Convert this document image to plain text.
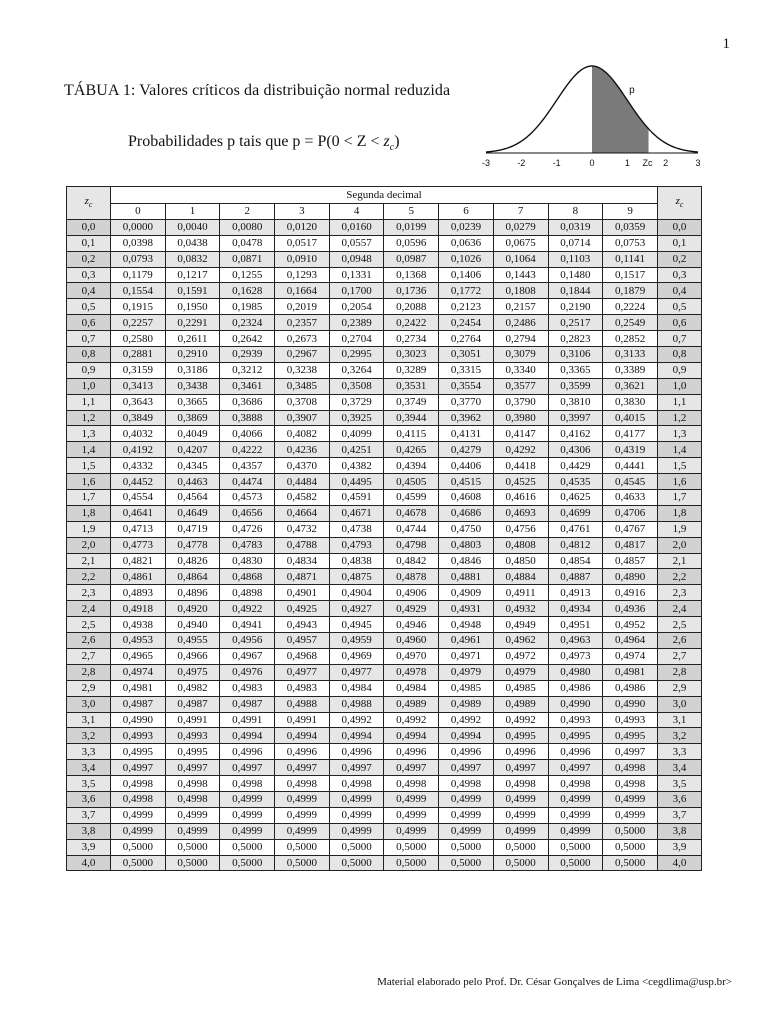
1
TÁBUA 1: Valores críticos da distribuição normal reduzida
Probabilidades p tais que $p = P(0 < Z < z_c)$
-3	-2	-1	0	1	2	3
Zc
p
$z_c$	Segunda decimal										$z_c$
	0	1	2	3	4	5	6	7	8	9	
0,0	0,0000	0,0040	0,0080	0,0120	0,0160	0,0199	0,0239	0,0279	0,0319	0,0359	0,0
0,1	0,0398	0,0438	0,0478	0,0517	0,0557	0,0596	0,0636	0,0675	0,0714	0,0753	0,1
0,2	0,0793	0,0832	0,0871	0,0910	0,0948	0,0987	0,1026	0,1064	0,1103	0,1141	0,2
0,3	0,1179	0,1217	0,1255	0,1293	0,1331	0,1368	0,1406	0,1443	0,1480	0,1517	0,3
0,4	0,1554	0,1591	0,1628	0,1664	0,1700	0,1736	0,1772	0,1808	0,1844	0,1879	0,4
0,5	0,1915	0,1950	0,1985	0,2019	0,2054	0,2088	0,2123	0,2157	0,2190	0,2224	0,5
0,6	0,2257	0,2291	0,2324	0,2357	0,2389	0,2422	0,2454	0,2486	0,2517	0,2549	0,6
0,7	0,2580	0,2611	0,2642	0,2673	0,2704	0,2734	0,2764	0,2794	0,2823	0,2852	0,7
0,8	0,2881	0,2910	0,2939	0,2967	0,2995	0,3023	0,3051	0,3079	0,3106	0,3133	0,8
0,9	0,3159	0,3186	0,3212	0,3238	0,3264	0,3289	0,3315	0,3340	0,3365	0,3389	0,9
1,0	0,3413	0,3438	0,3461	0,3485	0,3508	0,3531	0,3554	0,3577	0,3599	0,3621	1,0
1,1	0,3643	0,3665	0,3686	0,3708	0,3729	0,3749	0,3770	0,3790	0,3810	0,3830	1,1
1,2	0,3849	0,3869	0,3888	0,3907	0,3925	0,3944	0,3962	0,3980	0,3997	0,4015	1,2
1,3	0,4032	0,4049	0,4066	0,4082	0,4099	0,4115	0,4131	0,4147	0,4162	0,4177	1,3
1,4	0,4192	0,4207	0,4222	0,4236	0,4251	0,4265	0,4279	0,4292	0,4306	0,4319	1,4
1,5	0,4332	0,4345	0,4357	0,4370	0,4382	0,4394	0,4406	0,4418	0,4429	0,4441	1,5
1,6	0,4452	0,4463	0,4474	0,4484	0,4495	0,4505	0,4515	0,4525	0,4535	0,4545	1,6
1,7	0,4554	0,4564	0,4573	0,4582	0,4591	0,4599	0,4608	0,4616	0,4625	0,4633	1,7
1,8	0,4641	0,4649	0,4656	0,4664	0,4671	0,4678	0,4686	0,4693	0,4699	0,4706	1,8
1,9	0,4713	0,4719	0,4726	0,4732	0,4738	0,4744	0,4750	0,4756	0,4761	0,4767	1,9
2,0	0,4773	0,4778	0,4783	0,4788	0,4793	0,4798	0,4803	0,4808	0,4812	0,4817	2,0
2,1	0,4821	0,4826	0,4830	0,4834	0,4838	0,4842	0,4846	0,4850	0,4854	0,4857	2,1
2,2	0,4861	0,4864	0,4868	0,4871	0,4875	0,4878	0,4881	0,4884	0,4887	0,4890	2,2
2,3	0,4893	0,4896	0,4898	0,4901	0,4904	0,4906	0,4909	0,4911	0,4913	0,4916	2,3
2,4	0,4918	0,4920	0,4922	0,4925	0,4927	0,4929	0,4931	0,4932	0,4934	0,4936	2,4
2,5	0,4938	0,4940	0,4941	0,4943	0,4945	0,4946	0,4948	0,4949	0,4951	0,4952	2,5
2,6	0,4953	0,4955	0,4956	0,4957	0,4959	0,4960	0,4961	0,4962	0,4963	0,4964	2,6
2,7	0,4965	0,4966	0,4967	0,4968	0,4969	0,4970	0,4971	0,4972	0,4973	0,4974	2,7
2,8	0,4974	0,4975	0,4976	0,4977	0,4977	0,4978	0,4979	0,4979	0,4980	0,4981	2,8
2,9	0,4981	0,4982	0,4983	0,4983	0,4984	0,4984	0,4985	0,4985	0,4986	0,4986	2,9
3,0	0,4987	0,4987	0,4987	0,4988	0,4988	0,4989	0,4989	0,4989	0,4990	0,4990	3,0
3,1	0,4990	0,4991	0,4991	0,4991	0,4992	0,4992	0,4992	0,4992	0,4993	0,4993	3,1
3,2	0,4993	0,4993	0,4994	0,4994	0,4994	0,4994	0,4994	0,4995	0,4995	0,4995	3,2
3,3	0,4995	0,4995	0,4996	0,4996	0,4996	0,4996	0,4996	0,4996	0,4996	0,4997	3,3
3,4	0,4997	0,4997	0,4997	0,4997	0,4997	0,4997	0,4997	0,4997	0,4997	0,4998	3,4
3,5	0,4998	0,4998	0,4998	0,4998	0,4998	0,4998	0,4998	0,4998	0,4998	0,4998	3,5
3,6	0,4998	0,4998	0,4999	0,4999	0,4999	0,4999	0,4999	0,4999	0,4999	0,4999	3,6
3,7	0,4999	0,4999	0,4999	0,4999	0,4999	0,4999	0,4999	0,4999	0,4999	0,4999	3,7
3,8	0,4999	0,4999	0,4999	0,4999	0,4999	0,4999	0,4999	0,4999	0,4999	0,5000	3,8
3,9	0,5000	0,5000	0,5000	0,5000	0,5000	0,5000	0,5000	0,5000	0,5000	0,5000	3,9
4,0	0,5000	0,5000	0,5000	0,5000	0,5000	0,5000	0,5000	0,5000	0,5000	0,5000	4,0
Material elaborado pelo Prof. Dr. César Gonçalves de Lima <cegdlima@usp.br>
